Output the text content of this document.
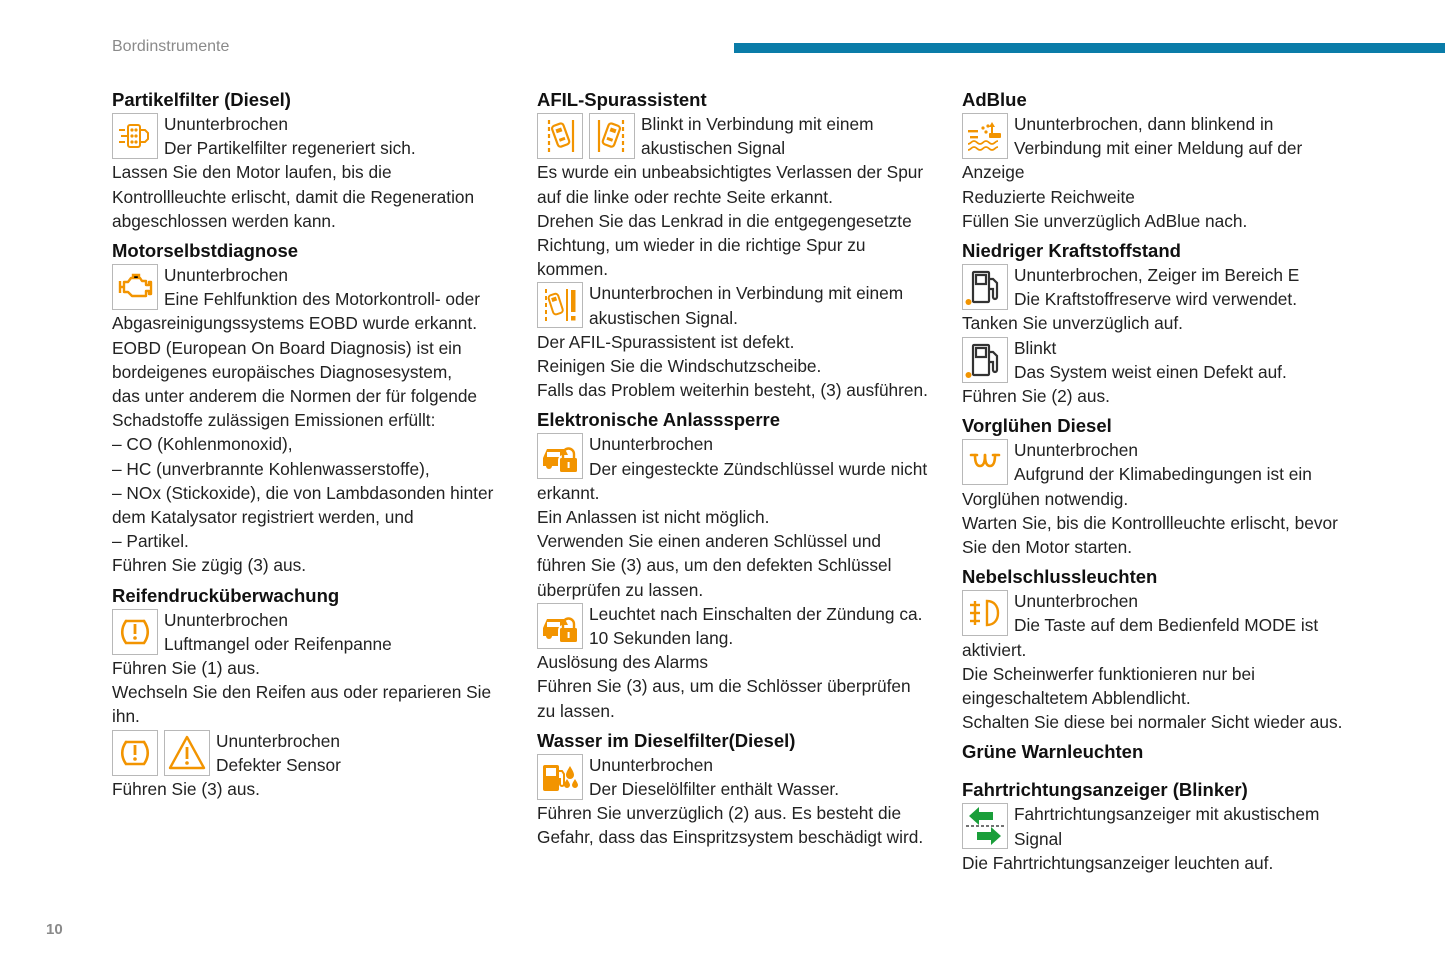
Bordinstrumente
Partikelfilter (Diesel)
Ununterbrochen
Der Partikelfilter regeneriert sich.
Lassen Sie den Motor laufen, bis die
Kontrollleuchte erlischt, damit die Regeneration
abgeschlossen werden kann.
Motorselbstdiagnose
Ununterbrochen
Eine Fehlfunktion des Motorkontroll- oder
Abgasreinigungssystems EOBD wurde erkannt.
EOBD (European On Board Diagnosis) ist ein
bordeigenes europäisches Diagnosesystem,
das unter anderem die Normen der für folgende
Schadstoffe zulässigen Emissionen erfüllt:
– CO (Kohlenmonoxid),
– HC (unverbrannte Kohlenwasserstoffe),
– NOx (Stickoxide), die von Lambdasonden hinter
dem Katalysator registriert werden, und
– Partikel.
Führen Sie zügig (3) aus.
Reifendrucküberwachung
Ununterbrochen
Luftmangel oder Reifenpanne
Führen Sie (1) aus.
Wechseln Sie den Reifen aus oder reparieren Sie
ihn.
Ununterbrochen
Defekter Sensor
Führen Sie (3) aus.
AFIL-Spurassistent
Blinkt in Verbindung mit einem
akustischen Signal
Es wurde ein unbeabsichtigtes Verlassen der Spur
auf die linke oder rechte Seite erkannt.
Drehen Sie das Lenkrad in die entgegengesetzte
Richtung, um wieder in die richtige Spur zu
kommen.
Ununterbrochen in Verbindung mit einem
akustischen Signal.
Der AFIL-Spurassistent ist defekt.
Reinigen Sie die Windschutzscheibe.
Falls das Problem weiterhin besteht, (3) ausführen.
Elektronische Anlasssperre
Ununterbrochen
Der eingesteckte Zündschlüssel wurde nicht
erkannt.
Ein Anlassen ist nicht möglich.
Verwenden Sie einen anderen Schlüssel und
führen Sie (3) aus, um den defekten Schlüssel
überprüfen zu lassen.
Leuchtet nach Einschalten der Zündung ca.
10 Sekunden lang.
Auslösung des Alarms
Führen Sie (3) aus, um die Schlösser überprüfen
zu lassen.
Wasser im Dieselfilter(Diesel)
Ununterbrochen
Der Dieselölfilter enthält Wasser.
Führen Sie unverzüglich (2) aus. Es besteht die
Gefahr, dass das Einspritzsystem beschädigt wird.
AdBlue
Ununterbrochen, dann blinkend in
Verbindung mit einer Meldung auf der
Anzeige
Reduzierte Reichweite
Füllen Sie unverzüglich AdBlue nach.
Niedriger Kraftstoffstand
Ununterbrochen, Zeiger im Bereich E
Die Kraftstoffreserve wird verwendet.
Tanken Sie unverzüglich auf.
Blinkt
Das System weist einen Defekt auf.
Führen Sie (2) aus.
Vorglühen Diesel
Ununterbrochen
Aufgrund der Klimabedingungen ist ein
Vorglühen notwendig.
Warten Sie, bis die Kontrollleuchte erlischt, bevor
Sie den Motor starten.
Nebelschlussleuchten
Ununterbrochen
Die Taste auf dem Bedienfeld MODE ist
aktiviert.
Die Scheinwerfer funktionieren nur bei
eingeschaltetem Abblendlicht.
Schalten Sie diese bei normaler Sicht wieder aus.
Grüne Warnleuchten
Fahrtrichtungsanzeiger (Blinker)
Fahrtrichtungsanzeiger mit akustischem
Signal
Die Fahrtrichtungsanzeiger leuchten auf.
10
